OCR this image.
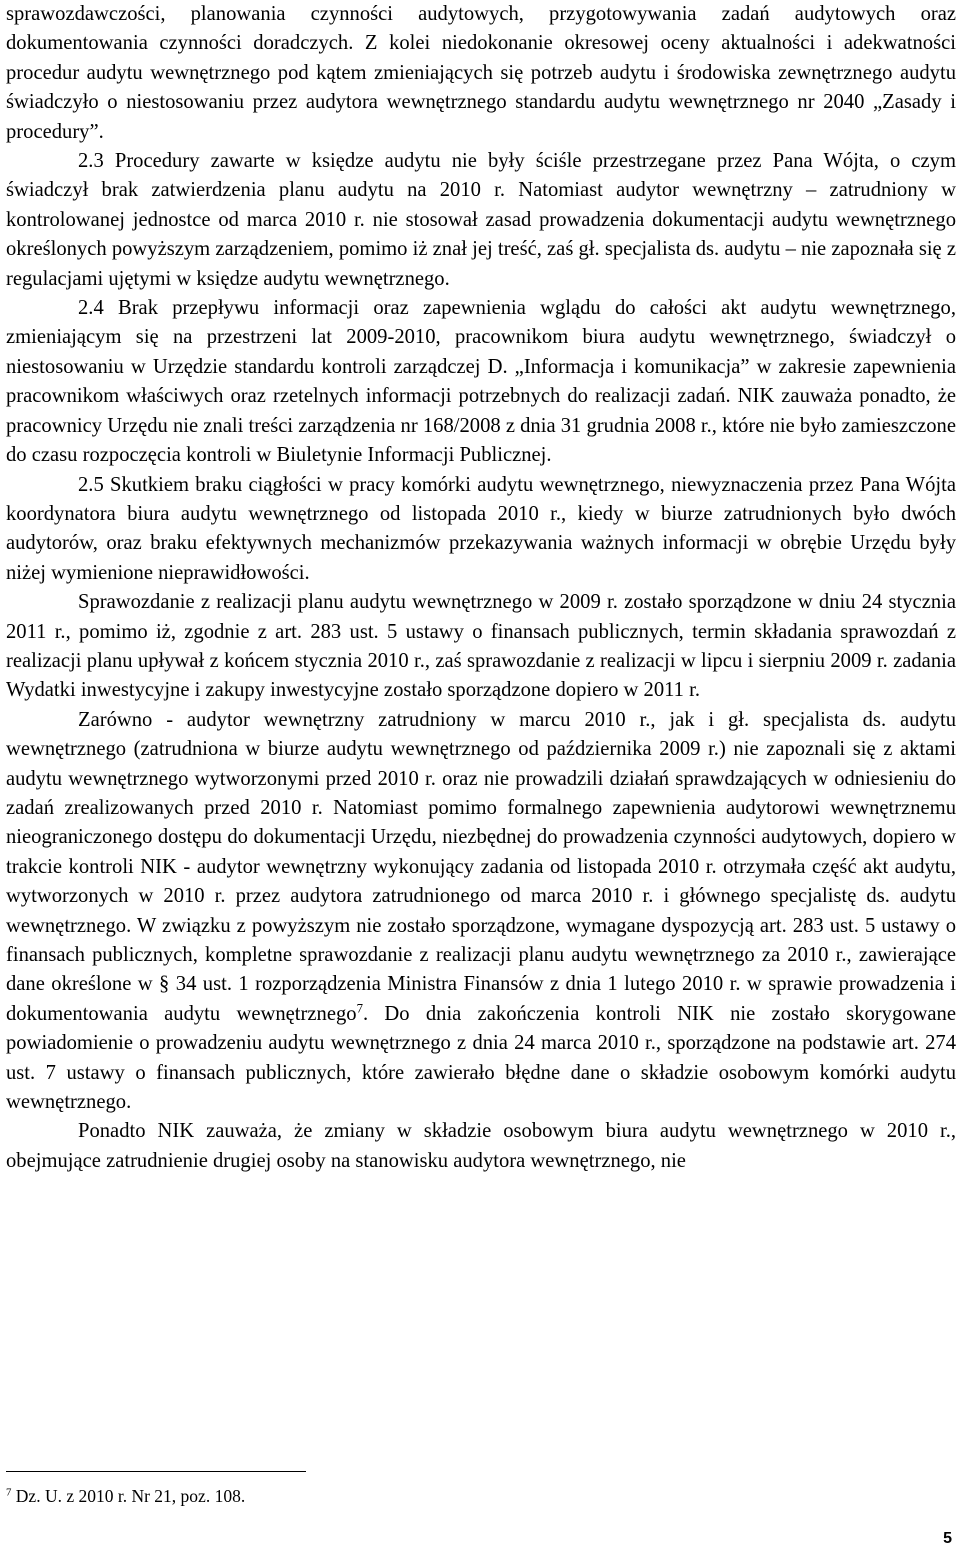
sprawozdawczości, planowania czynności audytowych, przygotowywania zadań audytowych oraz dokumentowania czynności doradczych. Z kolei niedokonanie okresowej oceny aktualności i adekwatności procedur audytu wewnętrznego pod kątem zmieniających się potrzeb audytu i środowiska zewnętrznego audytu świadczyło o niestosowaniu przez audytora wewnętrznego standardu audytu wewnętrznego nr 2040 „Zasady i procedury”.

2.3 Procedury zawarte w księdze audytu nie były ściśle przestrzegane przez Pana Wójta, o czym świadczył brak zatwierdzenia planu audytu na 2010 r. Natomiast audytor wewnętrzny – zatrudniony w kontrolowanej jednostce od marca 2010 r. nie stosował zasad prowadzenia dokumentacji audytu wewnętrznego określonych powyższym zarządzeniem, pomimo iż znał jej treść, zaś gł. specjalista ds. audytu – nie zapoznała się z regulacjami ujętymi w księdze audytu wewnętrznego.

2.4 Brak przepływu informacji oraz zapewnienia wglądu do całości akt audytu wewnętrznego, zmieniającym się na przestrzeni lat 2009-2010, pracownikom biura audytu wewnętrznego, świadczył o niestosowaniu w Urzędzie standardu kontroli zarządczej D. „Informacja i komunikacja” w zakresie zapewnienia pracownikom właściwych oraz rzetelnych informacji potrzebnych do realizacji zadań. NIK zauważa ponadto, że pracownicy Urzędu nie znali treści zarządzenia nr 168/2008 z dnia 31 grudnia 2008 r., które nie było zamieszczone do czasu rozpoczęcia kontroli w Biuletynie Informacji Publicznej.

2.5 Skutkiem braku ciągłości w pracy komórki audytu wewnętrznego, niewyznaczenia przez Pana Wójta koordynatora biura audytu wewnętrznego od listopada 2010 r., kiedy w biurze zatrudnionych było dwóch audytorów, oraz braku efektywnych mechanizmów przekazywania ważnych informacji w obrębie Urzędu były niżej wymienione nieprawidłowości.

Sprawozdanie z realizacji planu audytu wewnętrznego w 2009 r. zostało sporządzone w dniu 24 stycznia 2011 r., pomimo iż, zgodnie z art. 283 ust. 5 ustawy o finansach publicznych, termin składania sprawozdań z realizacji planu upływał z końcem stycznia 2010 r., zaś sprawozdanie z realizacji w lipcu i sierpniu 2009 r. zadania Wydatki inwestycyjne i zakupy inwestycyjne zostało sporządzone dopiero w 2011 r.

Zarówno - audytor wewnętrzny zatrudniony w marcu 2010 r., jak i gł. specjalista ds. audytu wewnętrznego (zatrudniona w biurze audytu wewnętrznego od października 2009 r.) nie zapoznali się z aktami audytu wewnętrznego wytworzonymi przed 2010 r. oraz nie prowadzili działań sprawdzających w odniesieniu do zadań zrealizowanych przed 2010 r. Natomiast pomimo formalnego zapewnienia audytorowi wewnętrznemu nieograniczonego dostępu do dokumentacji Urzędu, niezbędnej do prowadzenia czynności audytowych, dopiero w trakcie kontroli NIK - audytor wewnętrzny wykonujący zadania od listopada 2010 r. otrzymała część akt audytu, wytworzonych w 2010 r. przez audytora zatrudnionego od marca 2010 r. i głównego specjalistę ds. audytu wewnętrznego. W związku z powyższym nie zostało sporządzone, wymagane dyspozycją art. 283 ust. 5 ustawy o finansach publicznych, kompletne sprawozdanie z realizacji planu audytu wewnętrznego za 2010 r., zawierające dane określone w § 34 ust. 1 rozporządzenia Ministra Finansów z dnia 1 lutego 2010 r. w sprawie prowadzenia i dokumentowania audytu wewnętrznego$^7$. Do dnia zakończenia kontroli NIK nie zostało skorygowane powiadomienie o prowadzeniu audytu wewnętrznego z dnia 24 marca 2010 r., sporządzone na podstawie art. 274 ust. 7 ustawy o finansach publicznych, które zawierało błędne dane o składzie osobowym komórki audytu wewnętrznego.

Ponadto NIK zauważa, że zmiany w składzie osobowym biura audytu wewnętrznego w 2010 r., obejmujące zatrudnienie drugiej osoby na stanowisku audytora wewnętrznego, nie

$^7$ Dz. U. z 2010 r. Nr 21, poz. 108.
5
